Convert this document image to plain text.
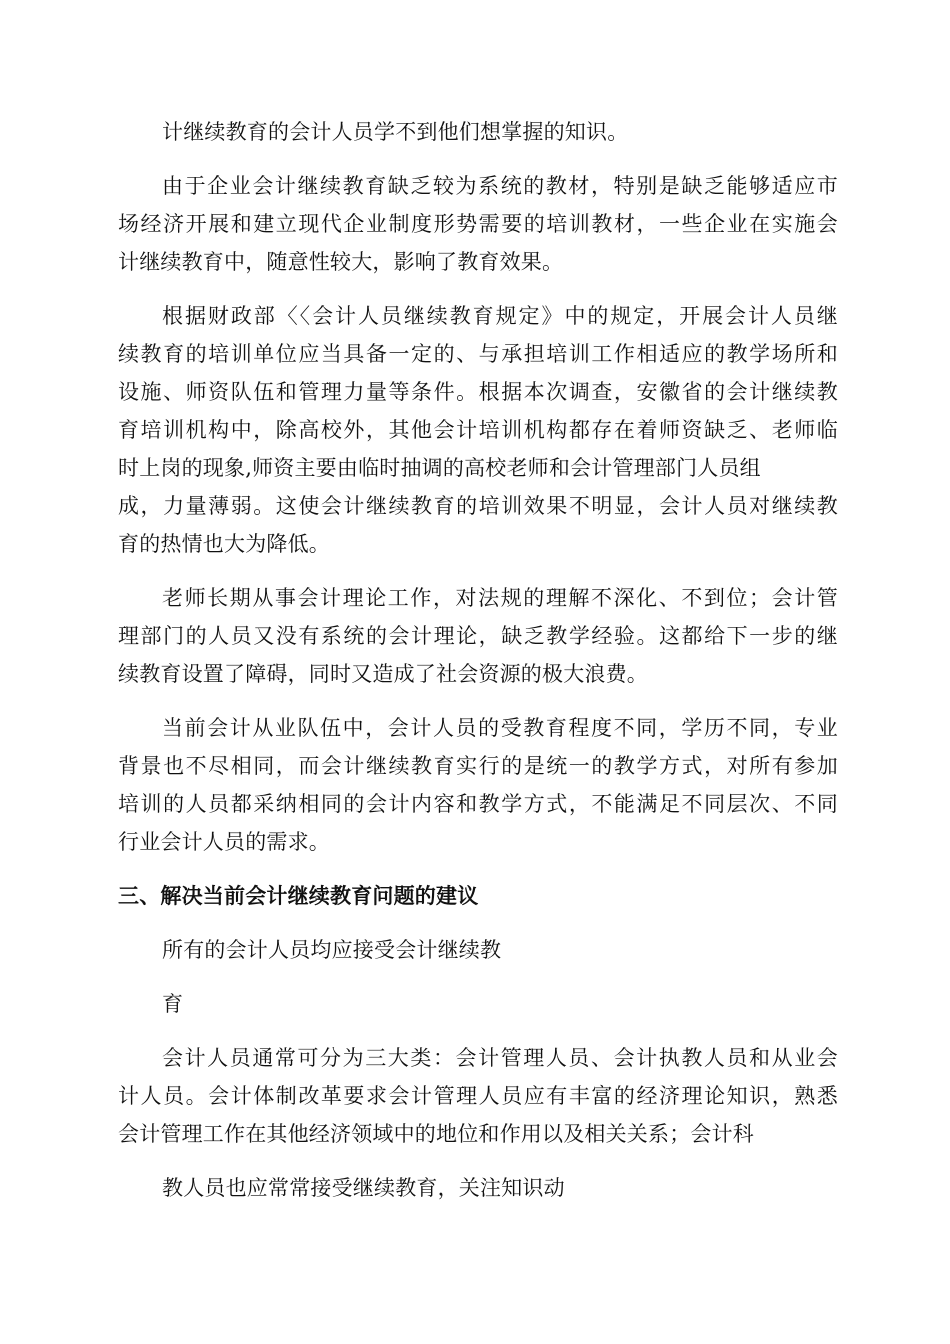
计继续教育的会计人员学不到他们想掌握的知识。
由于企业会计继续教育缺乏较为系统的教材，特别是缺乏能够适应市
场经济开展和建立现代企业制度形势需要的培训教材，一些企业在实施会
计继续教育中，随意性较大，影响了教育效果。
根据财政部〈〈会计人员继续教育规定》中的规定，开展会计人员继
续教育的培训单位应当具备一定的、与承担培训工作相适应的教学场所和
设施、师资队伍和管理力量等条件。根据本次调查，安徽省的会计继续教
育培训机构中，除高校外，其他会计培训机构都存在着师资缺乏、老师临
时上岗的现象,师资主要由临时抽调的高校老师和会计管理部门人员组
成，力量薄弱。这使会计继续教育的培训效果不明显，会计人员对继续教
育的热情也大为降低。
老师长期从事会计理论工作，对法规的理解不深化、不到位；会计管
理部门的人员又没有系统的会计理论，缺乏教学经验。这都给下一步的继
续教育设置了障碍，同时又造成了社会资源的极大浪费。
当前会计从业队伍中，会计人员的受教育程度不同，学历不同，专业
背景也不尽相同，而会计继续教育实行的是统一的教学方式，对所有参加
培训的人员都采纳相同的会计内容和教学方式，不能满足不同层次、不同
行业会计人员的需求。
三、解决当前会计继续教育问题的建议
所有的会计人员均应接受会计继续教
育
会计人员通常可分为三大类：会计管理人员、会计执教人员和从业会
计人员。会计体制改革要求会计管理人员应有丰富的经济理论知识，熟悉
会计管理工作在其他经济领域中的地位和作用以及相关关系；会计科
教人员也应常常接受继续教育，关注知识动
